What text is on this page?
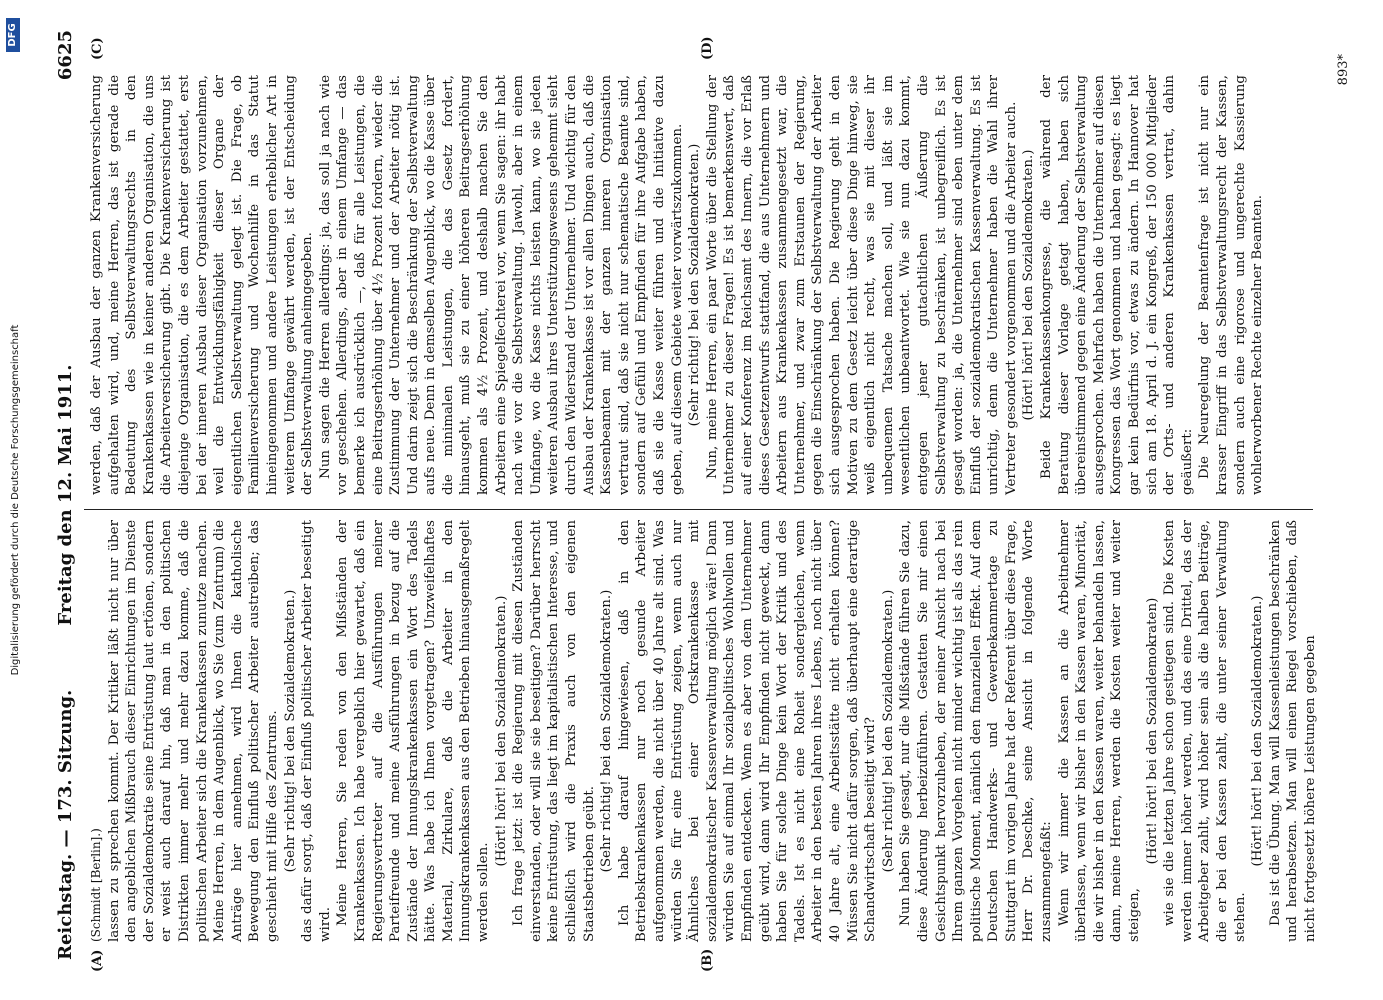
Digitalisierung gefördert durch die Deutsche Forschungsgemeinschaft
DFG
Reichstag. — 173. Sitzung.
Freitag den 12. Mai 1911.
6625
(A)	(B)
(C)	(D)
(Schmidt [Berlin].) lassen zu sprechen kommt. Der Kritiker läßt nicht nur über den angeblichen Mißbrauch dieser Einrichtungen im Dienste der Sozialdemokratie seine Entrüstung laut ertönen, sondern er weist auch darauf hin, daß man in den politischen Distrikten immer mehr und mehr dazu komme, daß die politischen Arbeiter sich die Krankenkassen zunutze machen. Meine Herren, in dem Augenblick, wo Sie (zum Zentrum) die Anträge hier annehmen, wird Ihnen die katholische Bewegung den Einfluß politischer Arbeiter austreiben; das geschieht mit Hilfe des Zentrums. (Sehr richtig! bei den Sozialdemokraten.) das dafür sorgt, daß der Einfluß politischer Arbeiter beseitigt wird. Meine Herren, Sie reden von den Mißständen der Krankenkassen. Ich habe vergeblich hier gewartet, daß ein Regierungsvertreter auf die Ausführungen meiner Parteifreunde und meine Ausführungen in bezug auf die Zustände der Innungskrankenkassen ein Wort des Tadels hätte. Was habe ich Ihnen vorgetragen? Unzweifelhaftes Material, Zirkulare, daß die Arbeiter in den Innungskrankenkassen aus den Betrieben hinausgemaßregelt werden sollen.
(Hört! hört! bei den Sozialdemokraten.) Ich frage jetzt: ist die Regierung mit diesen Zuständen einverstanden, oder will sie sie beseitigen? Darüber herrscht keine Entrüstung, das liegt im kapitalistischen Interesse, und schließlich wird die Praxis auch von den eigenen Staatsbetrieben geübt. (Sehr richtig! bei den Sozialdemokraten.) Ich habe darauf hingewiesen, daß in den Betriebskrankenkassen nur noch gesunde Arbeiter aufgenommen werden, die nicht über 40 Jahre alt sind. Was würden Sie für eine Entrüstung zeigen, wenn auch nur Ähnliches bei einer Ortskrankenkasse mit sozialdemokratischer Kassenverwaltung möglich wäre! Dann würden Sie auf einmal Ihr sozialpolitisches Wohlwollen und Empfinden entdecken. Wenn es aber von dem Unternehmer geübt wird, dann wird Ihr Empfinden nicht geweckt, dann haben Sie für solche Dinge kein Wort der Kritik und des Tadels. Ist es nicht eine Roheit sondergleichen, wenn Arbeiter in den besten Jahren ihres Lebens, noch nicht über 40 Jahre alt, eine Arbeitsstätte nicht erhalten können? Müssen Sie nicht dafür sorgen, daß überhaupt eine derartige Schandwirtschaft beseitigt wird? (Sehr richtig! bei den Sozialdemokraten.) Nun haben Sie gesagt, nur die Mißstände führen Sie dazu, diese Änderung herbeizuführen. Gestatten Sie mir einen Gesichtspunkt hervorzuheben, der meiner Ansicht nach bei Ihrem ganzen Vorgehen nicht minder wichtig ist als das rein politische Moment, nämlich den finanziellen Effekt. Auf dem Deutschen Handwerks- und Gewerbekammertage zu Stuttgart im vorigen Jahre hat der Referent über diese Frage, Herr Dr. Deschke, seine Ansicht in folgende Worte zusammengefaßt: Wenn wir immer die Kassen an die Arbeitnehmer überlassen, wenn wir bisher in den Kassen waren, Minorität, die wir bisher in den Kassen waren, weiter behandeln lassen, dann, meine Herren, werden die Kosten weiter und weiter steigen,
(Hört! hört! bei den Sozialdemokraten) wie sie die letzten Jahre schon gestiegen sind. Die Kosten werden immer höher werden, und das eine Drittel, das der Arbeitgeber zahlt, wird höher sein als die halben Beiträge, die er bei den Kassen zahlt, die unter seiner Verwaltung stehen.
(Hört! hört! bei den Sozialdemokraten.) Das ist die Übung. Man will Kassenleistungen beschränken und herabsetzen. Man will einen Riegel vorschieben, daß nicht fortgesetzt höhere Leistungen gegeben
werden, daß der Ausbau der ganzen Krankenversicherung aufgehalten wird, und, meine Herren, das ist gerade die Bedeutung des Selbstverwaltungsrechts in den Krankenkassen wie in keiner anderen Organisation, die uns die Arbeiterversicherung gibt. Die Krankenversicherung ist diejenige Organisation, die es dem Arbeiter gestattet, erst bei der inneren Ausbau dieser Organisation vorzunehmen, weil die Entwicklungsfähigkeit dieser Organe der eigentlichen Selbstverwaltung gelegt ist. Die Frage, ob Familienversicherung und Wochenhilfe in das Statut hineingenommen und andere Leistungen erheblicher Art in weiterem Umfange gewährt werden, ist der Entscheidung der Selbstverwaltung anheimgegeben. Nun sagen die Herren allerdings: ja, das soll ja nach wie vor geschehen. Allerdings, aber in einem Umfange — das bemerke ich ausdrücklich —, daß für alle Leistungen, die eine Beitragserhöhung über 4½ Prozent fordern, wieder die Zustimmung der Unternehmer und der Arbeiter nötig ist. Und darin zeigt sich die Beschränkung der Selbstverwaltung aufs neue. Denn in demselben Augenblick, wo die Kasse über die minimalen Leistungen, die das Gesetz fordert, hinausgeht, muß sie zu einer höheren Beitragserhöhung kommen als 4½ Prozent, und deshalb machen Sie den Arbeitern eine Spiegelfechterei vor, wenn Sie sagen: ihr habt nach wie vor die Selbstverwaltung. Jawohl, aber in einem Umfange, wo die Kasse nichts leisten kann, wo sie jeden weiteren Ausbau ihres Unterstützungswesens gehemmt sieht durch den Widerstand der Unternehmer. Und wichtig für den Ausbau der Krankenkasse ist vor allen Dingen auch, daß die Kassenbeamten mit der ganzen inneren Organisation vertraut sind, daß sie nicht nur schematische Beamte sind, sondern auf Gefühl und Empfinden für ihre Aufgabe haben, daß sie die Kasse weiter führen und die Initiative dazu geben, auf diesem Gebiete weiter vorwärtszukommen. (Sehr richtig! bei den Sozialdemokraten.) Nun, meine Herren, ein paar Worte über die Stellung der Unternehmer zu dieser Fragen! Es ist bemerkenswert, daß auf einer Konferenz im Reichsamt des Innern, die vor Erlaß dieses Gesetzentwurfs stattfand, die aus Unternehmern und Arbeitern aus Krankenkassen zusammengesetzt war, die Unternehmer, und zwar zum Erstaunen der Regierung, gegen die Einschränkung der Selbstverwaltung der Arbeiter sich ausgesprochen haben. Die Regierung geht in den Motiven zu dem Gesetz leicht über diese Dinge hinweg, sie weiß eigentlich nicht recht, was sie mit dieser ihr unbequemen Tatsache machen soll, und läßt sie im wesentlichen unbeantwortet. Wie sie nun dazu kommt, entgegen jener gutachtlichen Äußerung die Selbstverwaltung zu beschränken, ist unbegreiflich. Es ist gesagt worden: ja, die Unternehmer sind eben unter dem Einfluß der sozialdemokratischen Kassenverwaltung. Es ist unrichtig, denn die Unternehmer haben die Wahl ihrer Vertreter gesondert vorgenommen und die Arbeiter auch. (Hört! hört! bei den Sozialdemokraten.) Beide Krankenkassenkongresse, die während der Beratung dieser Vorlage getagt haben, haben sich übereinstimmend gegen eine Änderung der Selbstverwaltung ausgesprochen. Mehrfach haben die Unternehmer auf diesen Kongressen das Wort genommen und haben gesagt: es liegt gar kein Bedürfnis vor, etwas zu ändern. In Hannover hat sich am 18. April d. J. ein Kongreß, der 150 000 Mitglieder der Orts- und anderen Krankenkassen vertrat, dahin geäußert: Die Neuregelung der Beamtenfrage ist nicht nur ein krasser Eingriff in das Selbstverwaltungsrecht der Kassen, sondern auch eine rigorose und ungerechte Kassierung wohlerworbener Rechte einzelner Beamten.
893*
